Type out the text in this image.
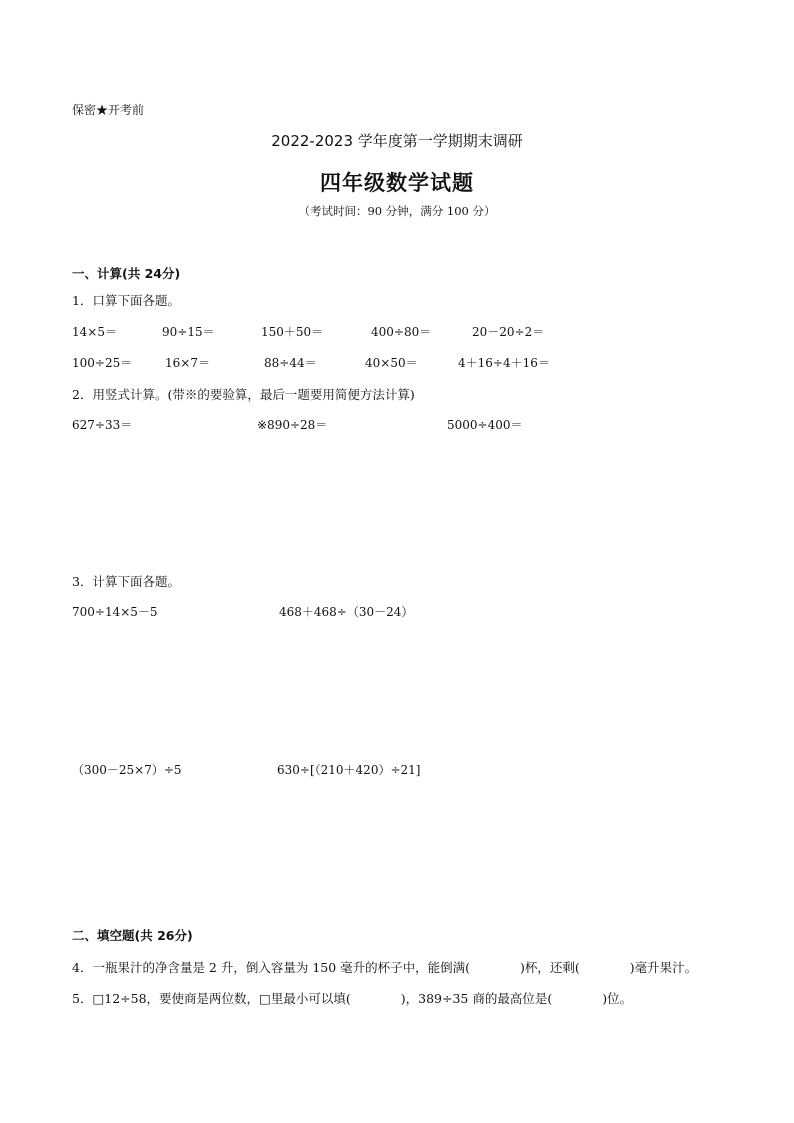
保密★开考前
2022-2023 学年度第一学期期末调研
四年级数学试题
（考试时间：90 分钟，满分 100 分）
一、计算(共 24分)
1．口算下面各题。
14×5＝	90÷15＝	150＋50＝	400÷80＝	20－20÷2＝
100÷25＝	16×7＝	88÷44＝	40×50＝	4＋16÷4＋16＝
2．用竖式计算。(带※的要验算，最后一题要用简便方法计算)
627÷33＝	※890÷28＝	5000÷400＝
3．计算下面各题。
700÷14×5－5	468＋468÷（30－24）
（300－25×7）÷5	630÷[（210＋420）÷21]
二、填空题(共 26分)
4．一瓶果汁的净含量是 2 升，倒入容量为 150 毫升的杯子中，能倒满(　　　　)杯，还剩(　　　　)毫升果汁。
5．□12÷58，要使商是两位数，□里最小可以填(　　　　)，389÷35 商的最高位是(　　　　)位。
